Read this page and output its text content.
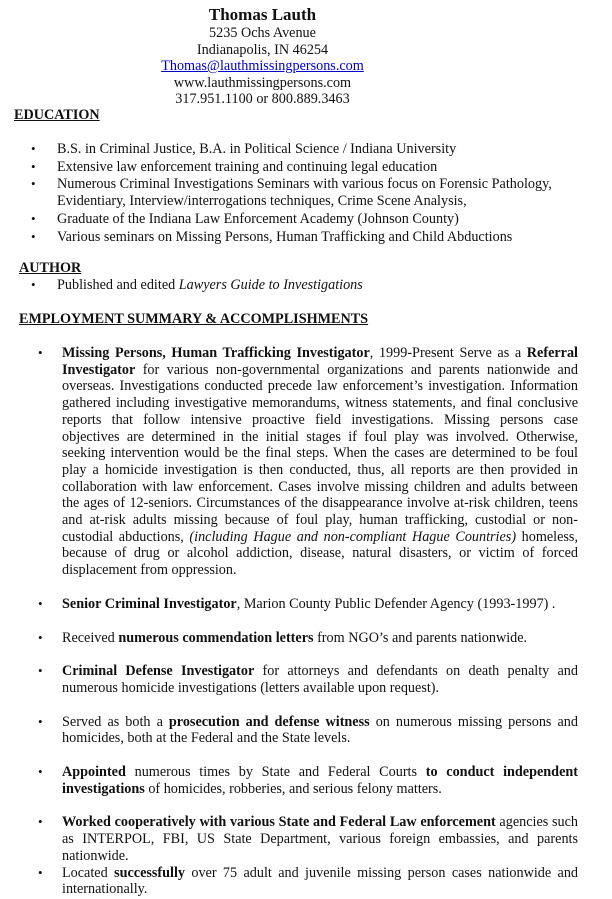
Thomas Lauth
5235 Ochs Avenue
Indianapolis, IN 46254
Thomas@lauthmissingpersons.com
www.lauthmissingpersons.com
317.951.1100 or 800.889.3463
EDUCATION
• B.S. in Criminal Justice, B.A. in Political Science / Indiana University
• Extensive law enforcement training and continuing legal education
• Numerous Criminal Investigations Seminars with various focus on Forensic Pathology, Evidentiary, Interview/interrogations techniques, Crime Scene Analysis,
• Graduate of the Indiana Law Enforcement Academy (Johnson County)
• Various seminars on Missing Persons, Human Trafficking and Child Abductions
AUTHOR
• Published and edited Lawyers Guide to Investigations
EMPLOYMENT SUMMARY & ACCOMPLISHMENTS
• Missing Persons, Human Trafficking Investigator, 1999-Present Serve as a Referral Investigator for various non-governmental organizations and parents nationwide and overseas. Investigations conducted precede law enforcement’s investigation. Information gathered including investigative memorandums, witness statements, and final conclusive reports that follow intensive proactive field investigations. Missing persons case objectives are determined in the initial stages if foul play was involved. Otherwise, seeking intervention would be the final steps. When the cases are determined to be foul play a homicide investigation is then conducted, thus, all reports are then provided in collaboration with law enforcement. Cases involve missing children and adults between the ages of 12-seniors. Circumstances of the disappearance involve at-risk children, teens and at-risk adults missing because of foul play, human trafficking, custodial or non-custodial abductions, (including Hague and non-compliant Hague Countries) homeless, because of drug or alcohol addiction, disease, natural disasters, or victim of forced displacement from oppression.
• Senior Criminal Investigator, Marion County Public Defender Agency (1993-1997) .
• Received numerous commendation letters from NGO’s and parents nationwide.
• Criminal Defense Investigator for attorneys and defendants on death penalty and numerous homicide investigations (letters available upon request).
• Served as both a prosecution and defense witness on numerous missing persons and homicides, both at the Federal and the State levels.
• Appointed numerous times by State and Federal Courts to conduct independent investigations of homicides, robberies, and serious felony matters.
• Worked cooperatively with various State and Federal Law enforcement agencies such as INTERPOL, FBI, US State Department, various foreign embassies, and parents nationwide.
• Located successfully over 75 adult and juvenile missing person cases nationwide and internationally.
